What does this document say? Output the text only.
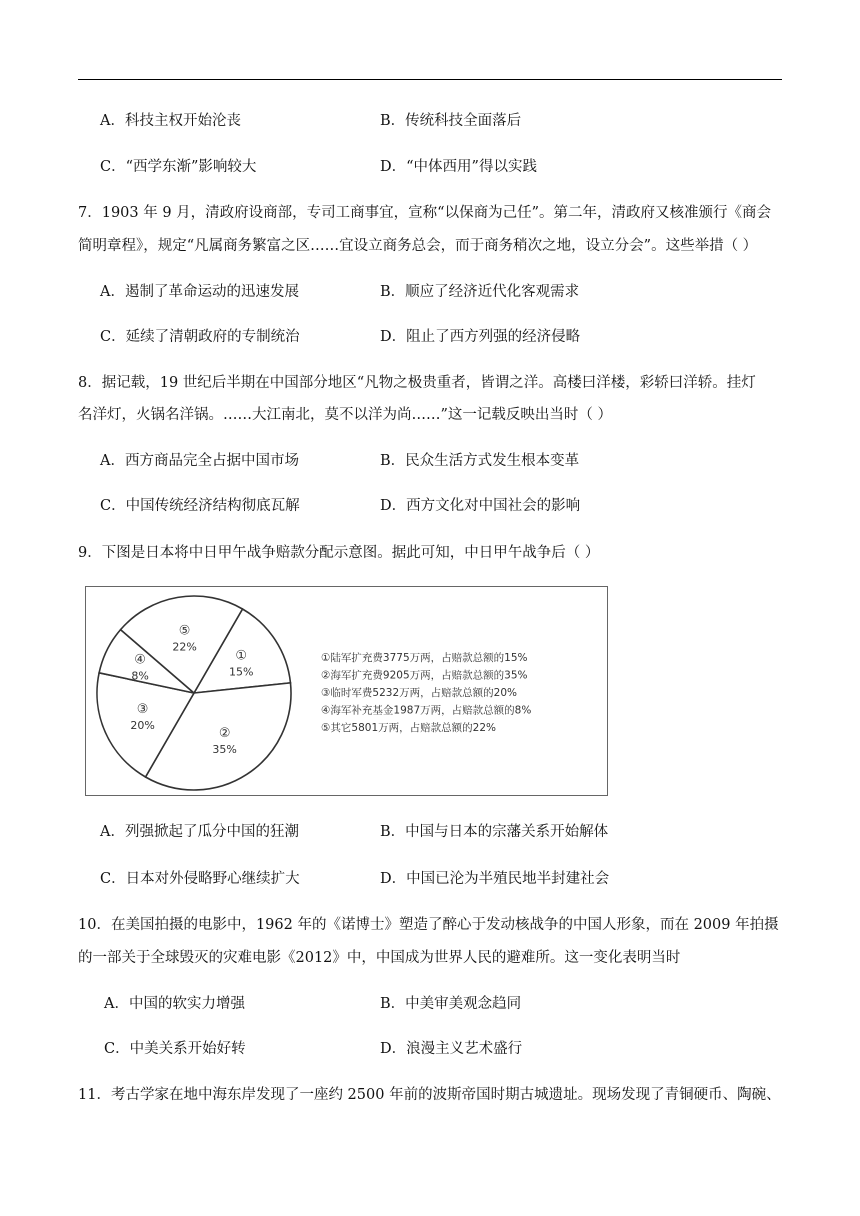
A．科技主权开始沦丧	B．传统科技全面落后
C．“西学东渐”影响较大	D．“中体西用”得以实践
7．1903 年 9 月，清政府设商部，专司工商事宜，宣称“以保商为己任”。第二年，清政府又核准颁行《商会
简明章程》，规定“凡属商务繁富之区……宜设立商务总会，而于商务稍次之地，设立分会”。这些举措（ ）
A．遏制了革命运动的迅速发展	B．顺应了经济近代化客观需求
C．延续了清朝政府的专制统治	D．阻止了西方列强的经济侵略
8．据记载，19 世纪后半期在中国部分地区“凡物之极贵重者，皆谓之洋。高楼曰洋楼，彩轿曰洋轿。挂灯
名洋灯，火锅名洋锅。……大江南北，莫不以洋为尚……”这一记载反映出当时（ ）
A．西方商品完全占据中国市场	B．民众生活方式发生根本变革
C．中国传统经济结构彻底瓦解	D．西方文化对中国社会的影响
9．下图是日本将中日甲午战争赔款分配示意图。据此可知，中日甲午战争后（ ）
①
15%
②
35%
③
20%
④
8%
⑤
22%
①陆军扩充费3775万两，占赔款总额的15%
②海军扩充费9205万两，占赔款总额的35%
③临时军费5232万两，占赔款总额的20%
④海军补充基金1987万两，占赔款总额的8%
⑤其它5801万两，占赔款总额的22%
A．列强掀起了瓜分中国的狂潮	B．中国与日本的宗藩关系开始解体
C．日本对外侵略野心继续扩大	D．中国已沦为半殖民地半封建社会
10．在美国拍摄的电影中，1962 年的《诺博士》塑造了醉心于发动核战争的中国人形象，而在 2009 年拍摄
的一部关于全球毁灭的灾难电影《2012》中，中国成为世界人民的避难所。这一变化表明当时
A．中国的软实力增强	B．中美审美观念趋同
C．中美关系开始好转	D．浪漫主义艺术盛行
11．考古学家在地中海东岸发现了一座约 2500 年前的波斯帝国时期古城遗址。现场发现了青铜硬币、陶碗、
